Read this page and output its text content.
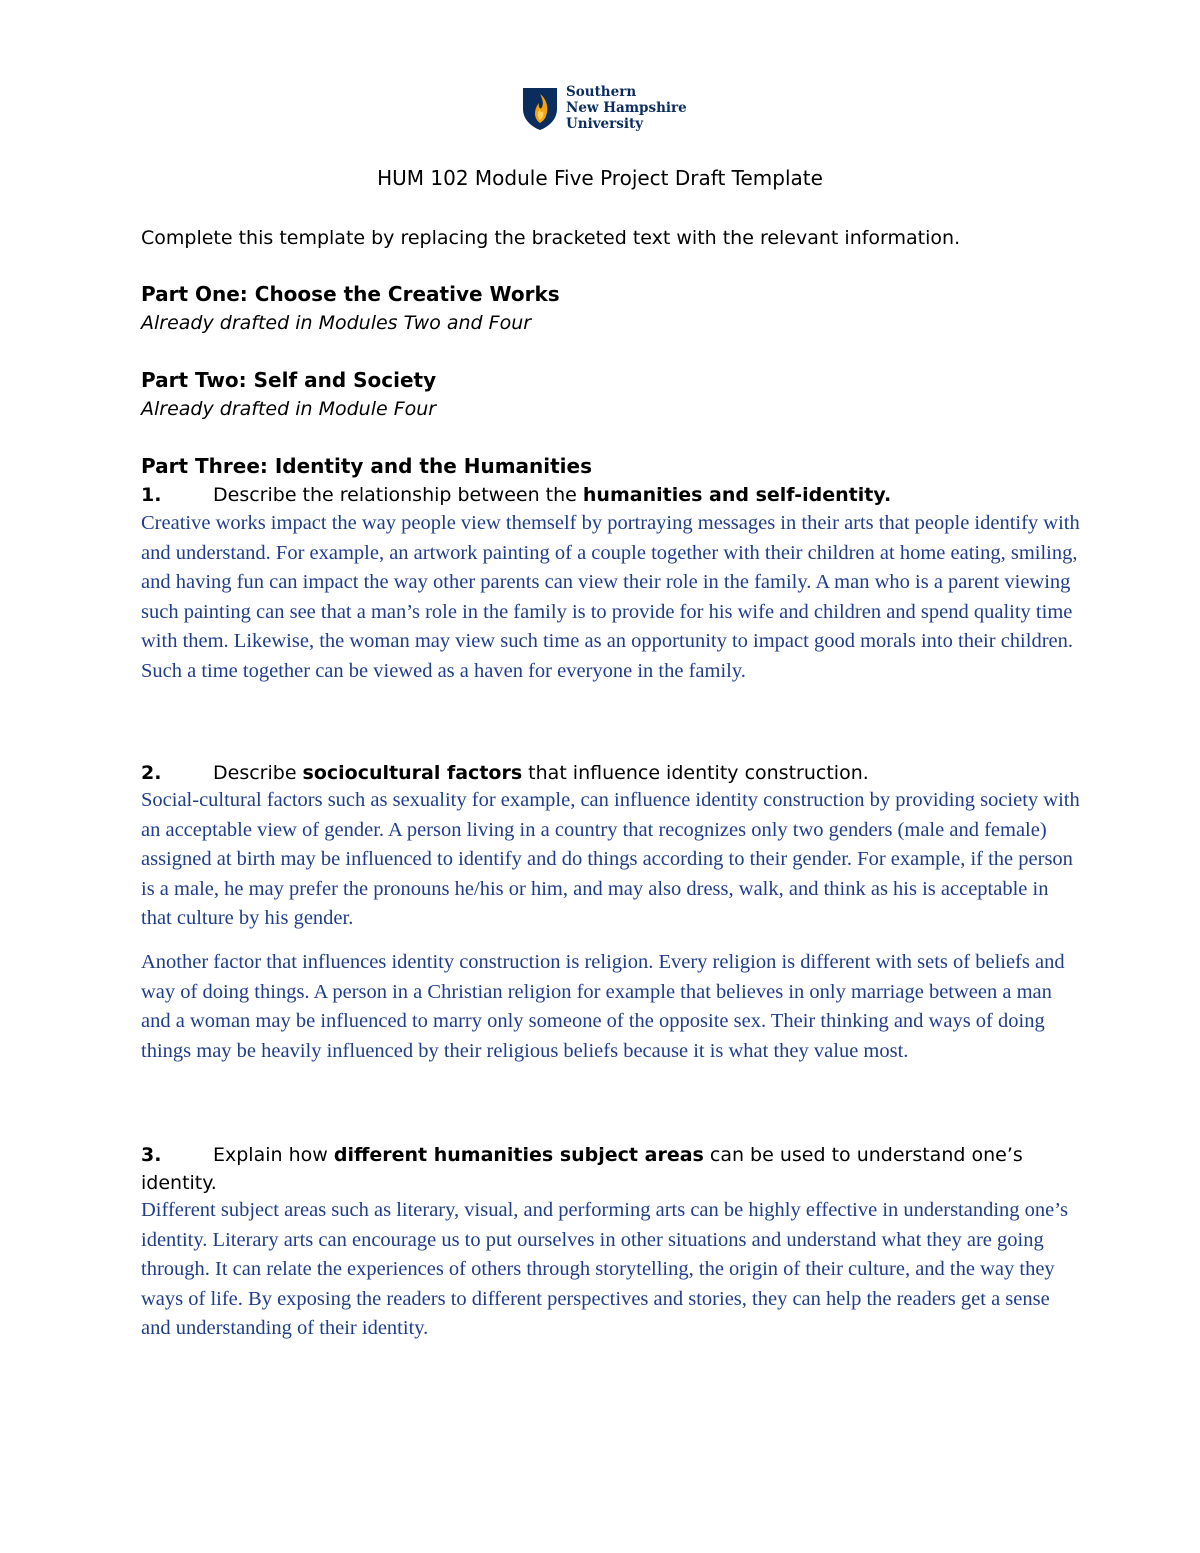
Southern
New Hampshire
University
HUM 102 Module Five Project Draft Template
Complete this template by replacing the bracketed text with the relevant information.
Part One: Choose the Creative Works
Already drafted in Modules Two and Four
Part Two: Self and Society
Already drafted in Module Four
Part Three: Identity and the Humanities
1.	Describe the relationship between the humanities and self-identity.

Creative works impact the way people view themself by portraying messages in their arts that people identify with and understand. For example, an artwork painting of a couple together with their children at home eating, smiling, and having fun can impact the way other parents can view their role in the family. A man who is a parent viewing such painting can see that a man’s role in the family is to provide for his wife and children and spend quality time with them. Likewise, the woman may view such time as an opportunity to impact good morals into their children. Such a time together can be viewed as a haven for everyone in the family.

2.	Describe sociocultural factors that influence identity construction.

Social-cultural factors such as sexuality for example, can influence identity construction by providing society with an acceptable view of gender. A person living in a country that recognizes only two genders (male and female) assigned at birth may be influenced to identify and do things according to their gender. For example, if the person is a male, he may prefer the pronouns he/his or him, and may also dress, walk, and think as his is acceptable in that culture by his gender.

Another factor that influences identity construction is religion. Every religion is different with sets of beliefs and way of doing things. A person in a Christian religion for example that believes in only marriage between a man and a woman may be influenced to marry only someone of the opposite sex. Their thinking and ways of doing things may be heavily influenced by their religious beliefs because it is what they value most.

3.	Explain how different humanities subject areas can be used to understand one’s
identity.

Different subject areas such as literary, visual, and performing arts can be highly effective in understanding one’s identity. Literary arts can encourage us to put ourselves in other situations and understand what they are going through. It can relate the experiences of others through storytelling, the origin of their culture, and the way they ways of life. By exposing the readers to different perspectives and stories, they can help the readers get a sense and understanding of their identity.
